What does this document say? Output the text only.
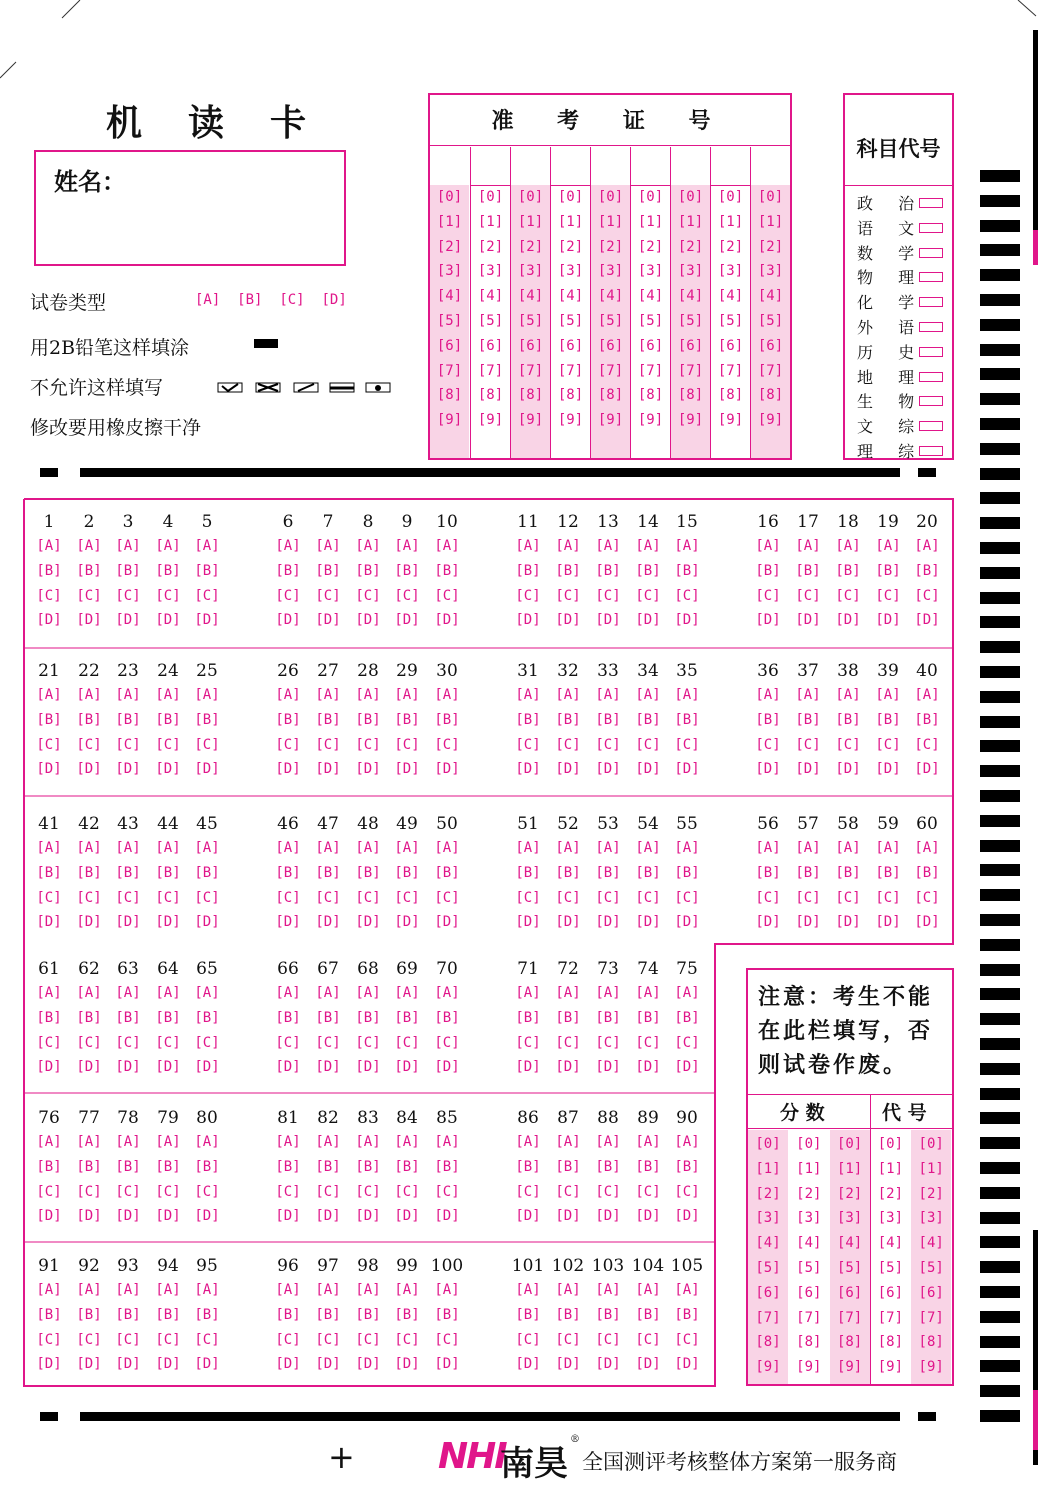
机 读 卡
姓名：
试卷类型	[A] [B] [C] [D]
用2B铅笔这样填涂
不允许这样填写
修改要用橡皮擦干净
准 考 证 号
[0]
[1]
[2]
[3]
[4]
[5]
[6]
[7]
[8]
[9]
[0]
[1]
[2]
[3]
[4]
[5]
[6]
[7]
[8]
[9]
[0]
[1]
[2]
[3]
[4]
[5]
[6]
[7]
[8]
[9]
[0]
[1]
[2]
[3]
[4]
[5]
[6]
[7]
[8]
[9]
[0]
[1]
[2]
[3]
[4]
[5]
[6]
[7]
[8]
[9]
[0]
[1]
[2]
[3]
[4]
[5]
[6]
[7]
[8]
[9]
[0]
[1]
[2]
[3]
[4]
[5]
[6]
[7]
[8]
[9]
[0]
[1]
[2]
[3]
[4]
[5]
[6]
[7]
[8]
[9]
[0]
[1]
[2]
[3]
[4]
[5]
[6]
[7]
[8]
[9]
科目代号
政 治
语 文
数 学
物 理
化 学
外 语
历 史
地 理
生 物
文 综
理 综
1
[A]
[B]
[C]
[D]
2
[A]
[B]
[C]
[D]
3
[A]
[B]
[C]
[D]
4
[A]
[B]
[C]
[D]
5
[A]
[B]
[C]
[D]
6
[A]
[B]
[C]
[D]
7
[A]
[B]
[C]
[D]
8
[A]
[B]
[C]
[D]
9
[A]
[B]
[C]
[D]
10
[A]
[B]
[C]
[D]
11
[A]
[B]
[C]
[D]
12
[A]
[B]
[C]
[D]
13
[A]
[B]
[C]
[D]
14
[A]
[B]
[C]
[D]
15
[A]
[B]
[C]
[D]
16
[A]
[B]
[C]
[D]
17
[A]
[B]
[C]
[D]
18
[A]
[B]
[C]
[D]
19
[A]
[B]
[C]
[D]
20
[A]
[B]
[C]
[D]
21
[A]
[B]
[C]
[D]
22
[A]
[B]
[C]
[D]
23
[A]
[B]
[C]
[D]
24
[A]
[B]
[C]
[D]
25
[A]
[B]
[C]
[D]
26
[A]
[B]
[C]
[D]
27
[A]
[B]
[C]
[D]
28
[A]
[B]
[C]
[D]
29
[A]
[B]
[C]
[D]
30
[A]
[B]
[C]
[D]
31
[A]
[B]
[C]
[D]
32
[A]
[B]
[C]
[D]
33
[A]
[B]
[C]
[D]
34
[A]
[B]
[C]
[D]
35
[A]
[B]
[C]
[D]
36
[A]
[B]
[C]
[D]
37
[A]
[B]
[C]
[D]
38
[A]
[B]
[C]
[D]
39
[A]
[B]
[C]
[D]
40
[A]
[B]
[C]
[D]
41
[A]
[B]
[C]
[D]
42
[A]
[B]
[C]
[D]
43
[A]
[B]
[C]
[D]
44
[A]
[B]
[C]
[D]
45
[A]
[B]
[C]
[D]
46
[A]
[B]
[C]
[D]
47
[A]
[B]
[C]
[D]
48
[A]
[B]
[C]
[D]
49
[A]
[B]
[C]
[D]
50
[A]
[B]
[C]
[D]
51
[A]
[B]
[C]
[D]
52
[A]
[B]
[C]
[D]
53
[A]
[B]
[C]
[D]
54
[A]
[B]
[C]
[D]
55
[A]
[B]
[C]
[D]
56
[A]
[B]
[C]
[D]
57
[A]
[B]
[C]
[D]
58
[A]
[B]
[C]
[D]
59
[A]
[B]
[C]
[D]
60
[A]
[B]
[C]
[D]
61
[A]
[B]
[C]
[D]
62
[A]
[B]
[C]
[D]
63
[A]
[B]
[C]
[D]
64
[A]
[B]
[C]
[D]
65
[A]
[B]
[C]
[D]
66
[A]
[B]
[C]
[D]
67
[A]
[B]
[C]
[D]
68
[A]
[B]
[C]
[D]
69
[A]
[B]
[C]
[D]
70
[A]
[B]
[C]
[D]
71
[A]
[B]
[C]
[D]
72
[A]
[B]
[C]
[D]
73
[A]
[B]
[C]
[D]
74
[A]
[B]
[C]
[D]
75
[A]
[B]
[C]
[D]
76
[A]
[B]
[C]
[D]
77
[A]
[B]
[C]
[D]
78
[A]
[B]
[C]
[D]
79
[A]
[B]
[C]
[D]
80
[A]
[B]
[C]
[D]
81
[A]
[B]
[C]
[D]
82
[A]
[B]
[C]
[D]
83
[A]
[B]
[C]
[D]
84
[A]
[B]
[C]
[D]
85
[A]
[B]
[C]
[D]
86
[A]
[B]
[C]
[D]
87
[A]
[B]
[C]
[D]
88
[A]
[B]
[C]
[D]
89
[A]
[B]
[C]
[D]
90
[A]
[B]
[C]
[D]
91
[A]
[B]
[C]
[D]
92
[A]
[B]
[C]
[D]
93
[A]
[B]
[C]
[D]
94
[A]
[B]
[C]
[D]
95
[A]
[B]
[C]
[D]
96
[A]
[B]
[C]
[D]
97
[A]
[B]
[C]
[D]
98
[A]
[B]
[C]
[D]
99
[A]
[B]
[C]
[D]
100
[A]
[B]
[C]
[D]
101
[A]
[B]
[C]
[D]
102
[A]
[B]
[C]
[D]
103
[A]
[B]
[C]
[D]
104
[A]
[B]
[C]
[D]
105
[A]
[B]
[C]
[D]
注意：考生不能在此栏填写，否则试卷作废。
分 数	代 号
[0]
[1]
[2]
[3]
[4]
[5]
[6]
[7]
[8]
[9]
[0]
[1]
[2]
[3]
[4]
[5]
[6]
[7]
[8]
[9]
[0]
[1]
[2]
[3]
[4]
[5]
[6]
[7]
[8]
[9]
[0]
[1]
[2]
[3]
[4]
[5]
[6]
[7]
[8]
[9]
[0]
[1]
[2]
[3]
[4]
[5]
[6]
[7]
[8]
[9]
+ NHI
南昊
®
全国测评考核整体方案第一服务商
